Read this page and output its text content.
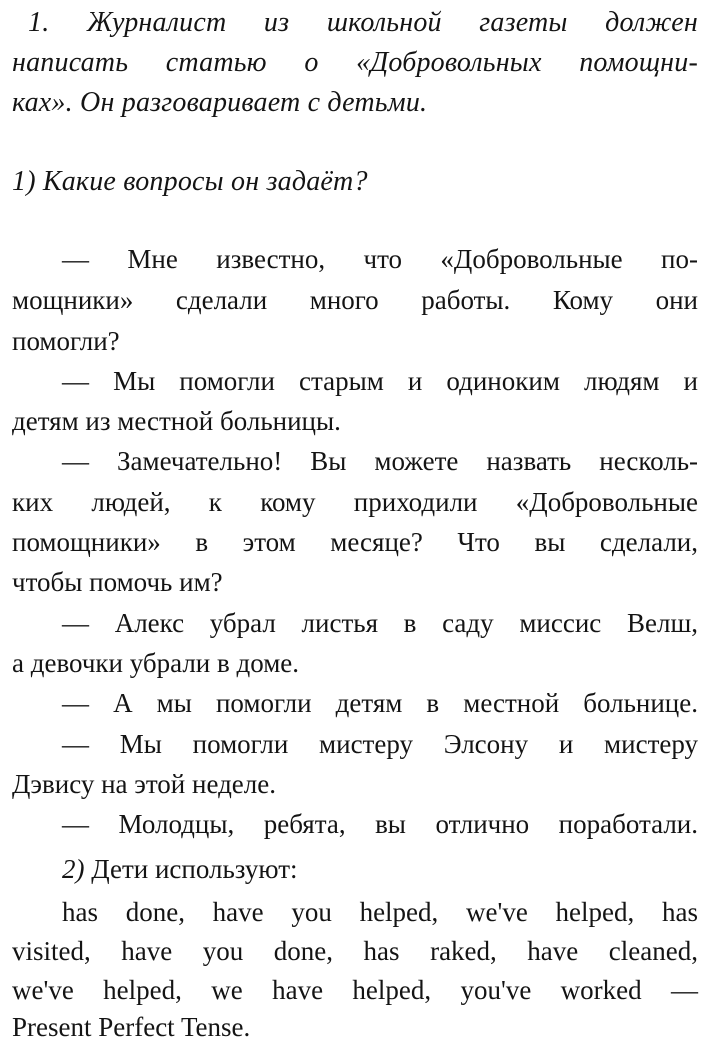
1. Журналист из школьной газеты должен
написать статью о «Добровольных помощни-
ках». Он разговаривает с детьми.
1) Какие вопросы он задаёт?
— Мне известно, что «Добровольные по-
мощники» сделали много работы. Кому они
помогли?
— Мы помогли старым и одиноким людям и
детям из местной больницы.
— Замечательно! Вы можете назвать несколь-
ких людей, к кому приходили «Добровольные
помощники» в этом месяце? Что вы сделали,
чтобы помочь им?
— Алекс убрал листья в саду миссис Велш,
а девочки убрали в доме.
— А мы помогли детям в местной больнице.
— Мы помогли мистеру Элсону и мистеру
Дэвису на этой неделе.
— Молодцы, ребята, вы отлично поработали.
2) Дети используют:
has done, have you helped, we've helped, has
visited, have you done, has raked, have cleaned,
we've helped, we have helped, you've worked —
Present Perfect Tense.
